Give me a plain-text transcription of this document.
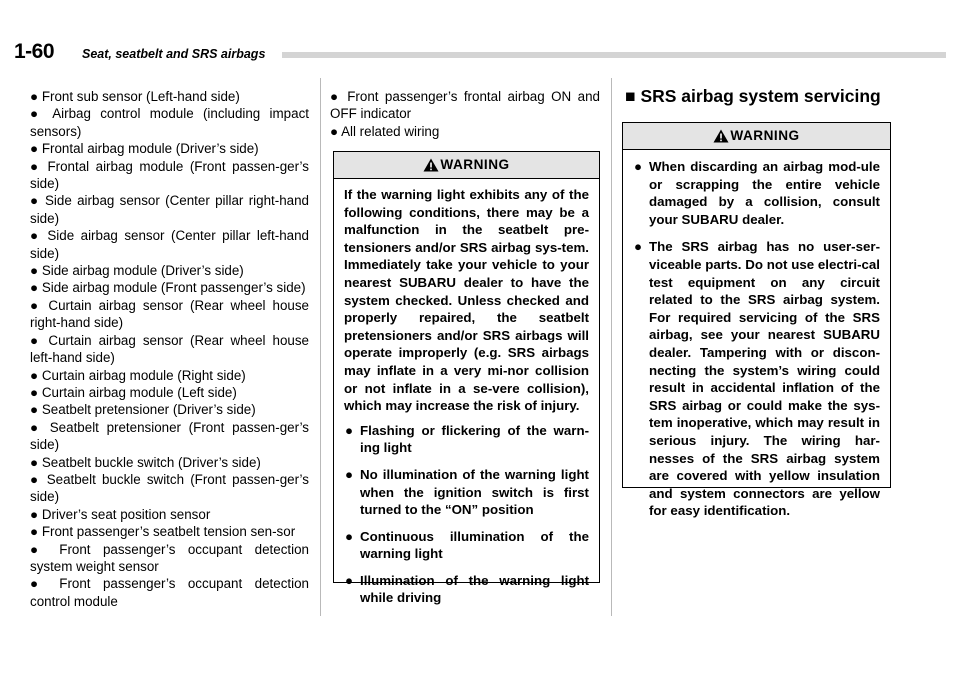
1-60 Seat, seatbelt and SRS airbags
● Front sub sensor (Left-hand side)
● Airbag control module (including impact sensors)
● Frontal airbag module (Driver’s side)
● Frontal airbag module (Front passen-ger’s side)
● Side airbag sensor (Center pillar right-hand side)
● Side airbag sensor (Center pillar left-hand side)
● Side airbag module (Driver’s side)
● Side airbag module (Front passenger’s side)
● Curtain airbag sensor (Rear wheel house right-hand side)
● Curtain airbag sensor (Rear wheel house left-hand side)
● Curtain airbag module (Right side)
● Curtain airbag module (Left side)
● Seatbelt pretensioner (Driver’s side)
● Seatbelt pretensioner (Front passen-ger’s side)
● Seatbelt buckle switch (Driver’s side)
● Seatbelt buckle switch (Front passen-ger’s side)
● Driver’s seat position sensor
● Front passenger’s seatbelt tension sen-sor
● Front passenger’s occupant detection system weight sensor
● Front passenger’s occupant detection control module
● Front passenger’s frontal airbag ON and OFF indicator
● All related wiring
WARNING

If the warning light exhibits any of the following conditions, there may be a malfunction in the seatbelt pre-tensioners and/or SRS airbag sys-tem. Immediately take your vehicle to your nearest SUBARU dealer to have the system checked. Unless checked and properly repaired, the seatbelt pretensioners and/or SRS airbags will operate improperly (e.g. SRS airbags may inflate in a very mi-nor collision or not inflate in a se-vere collision), which may increase the risk of injury.

● Flashing or flickering of the warn-ing light
● No illumination of the warning light when the ignition switch is first turned to the “ON” position
● Continuous illumination of the warning light
● Illumination of the warning light while driving
■ SRS airbag system servicing
WARNING
● When discarding an airbag mod-ule or scrapping the entire vehicle damaged by a collision, consult your SUBARU dealer.
● The SRS airbag has no user-ser-viceable parts. Do not use electri-cal test equipment on any circuit related to the SRS airbag system. For required servicing of the SRS airbag, see your nearest SUBARU dealer. Tampering with or discon-necting the system’s wiring could result in accidental inflation of the SRS airbag or could make the sys-tem inoperative, which may result in serious injury. The wiring har-nesses of the SRS airbag system are covered with yellow insulation and system connectors are yellow for easy identification.
